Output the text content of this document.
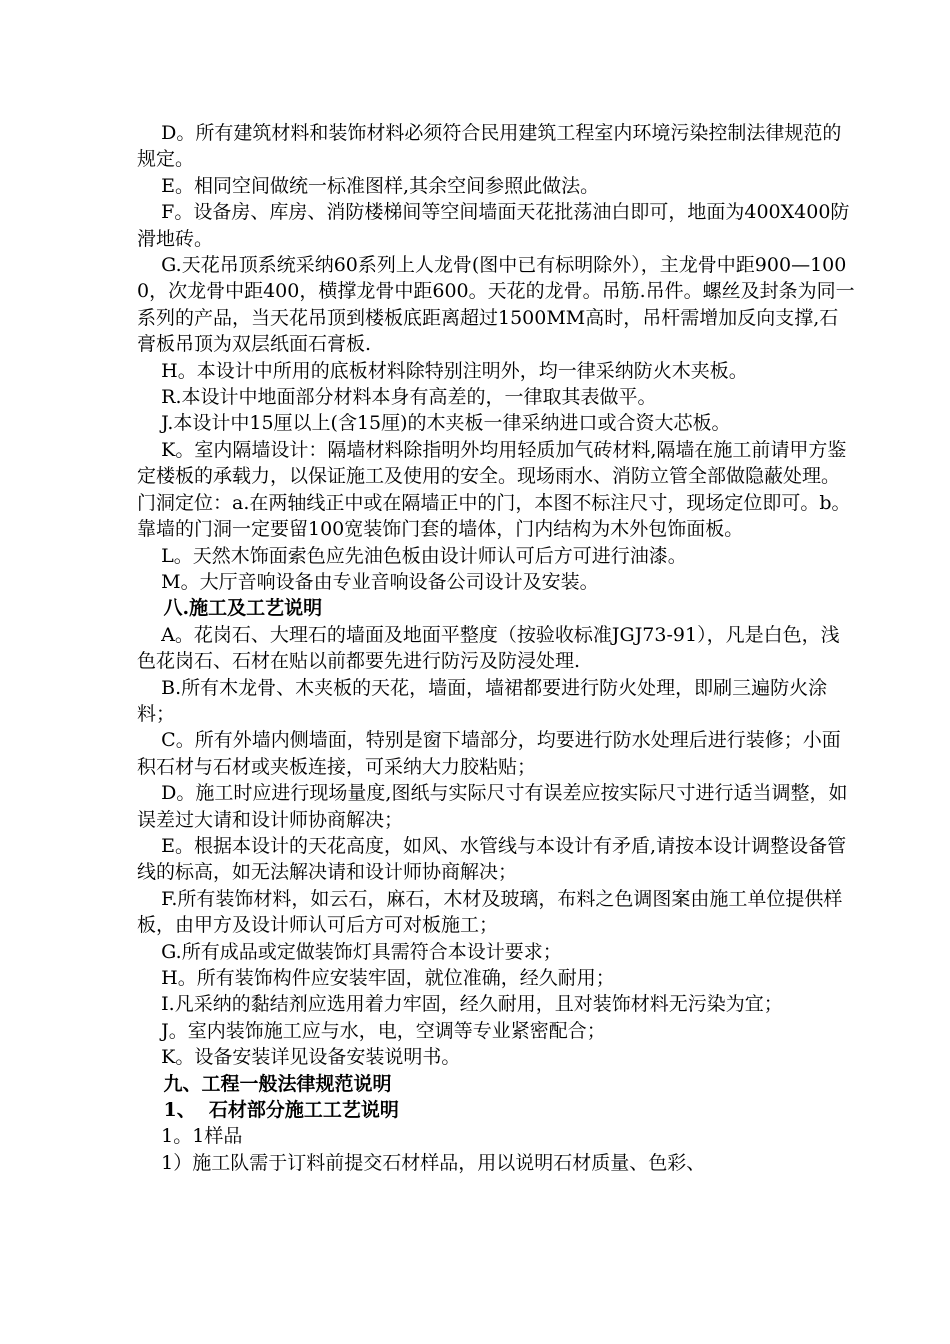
D。所有建筑材料和装饰材料必须符合民用建筑工程室内环境污染控制法律规范的规定。

E。相同空间做统一标准图样,其余空间参照此做法。

F。设备房、库房、消防楼梯间等空间墙面天花批荡油白即可，地面为400X400防滑地砖。

G.天花吊顶系统采纳60系列上人龙骨(图中已有标明除外），主龙骨中距900—1000，次龙骨中距400，横撑龙骨中距600。天花的龙骨。吊筋.吊件。螺丝及封条为同一系列的产品，当天花吊顶到楼板底距离超过1500MM高时，吊杆需增加反向支撑,石膏板吊顶为双层纸面石膏板.

H。本设计中所用的底板材料除特别注明外，均一律采纳防火木夹板。

R.本设计中地面部分材料本身有高差的，一律取其表做平。

J.本设计中15厘以上(含15厘)的木夹板一律采纳进口或合资大芯板。

K。室内隔墙设计：隔墙材料除指明外均用轻质加气砖材料,隔墙在施工前请甲方鉴定楼板的承载力，以保证施工及使用的安全。现场雨水、消防立管全部做隐蔽处理。门洞定位：a.在两轴线正中或在隔墙正中的门，本图不标注尺寸，现场定位即可。b。靠墙的门洞一定要留100宽装饰门套的墙体，门内结构为木外包饰面板。

L。天然木饰面索色应先油色板由设计师认可后方可进行油漆。

M。大厅音响设备由专业音响设备公司设计及安装。

八.施工及工艺说明

A。花岗石、大理石的墙面及地面平整度（按验收标准JGJ73-91），凡是白色，浅色花岗石、石材在贴以前都要先进行防污及防浸处理.

B.所有木龙骨、木夹板的天花，墙面，墙裙都要进行防火处理，即刷三遍防火涂料；

C。所有外墙内侧墙面，特别是窗下墙部分，均要进行防水处理后进行装修；小面积石材与石材或夹板连接，可采纳大力胶粘贴；

D。施工时应进行现场量度,图纸与实际尺寸有误差应按实际尺寸进行适当调整，如误差过大请和设计师协商解决；

E。根据本设计的天花高度，如风、水管线与本设计有矛盾,请按本设计调整设备管线的标高，如无法解决请和设计师协商解决；

F.所有装饰材料，如云石，麻石，木材及玻璃，布料之色调图案由施工单位提供样板，由甲方及设计师认可后方可对板施工；

G.所有成品或定做装饰灯具需符合本设计要求；

H。所有装饰构件应安装牢固，就位准确，经久耐用；

I.凡采纳的黏结剂应选用着力牢固，经久耐用，且对装饰材料无污染为宜；

J。室内装饰施工应与水，电，空调等专业紧密配合；

K。设备安装详见设备安装说明书。

九、工程一般法律规范说明

1、  石材部分施工工艺说明

1。1样品

1）施工队需于订料前提交石材样品，用以说明石材质量、色彩、
